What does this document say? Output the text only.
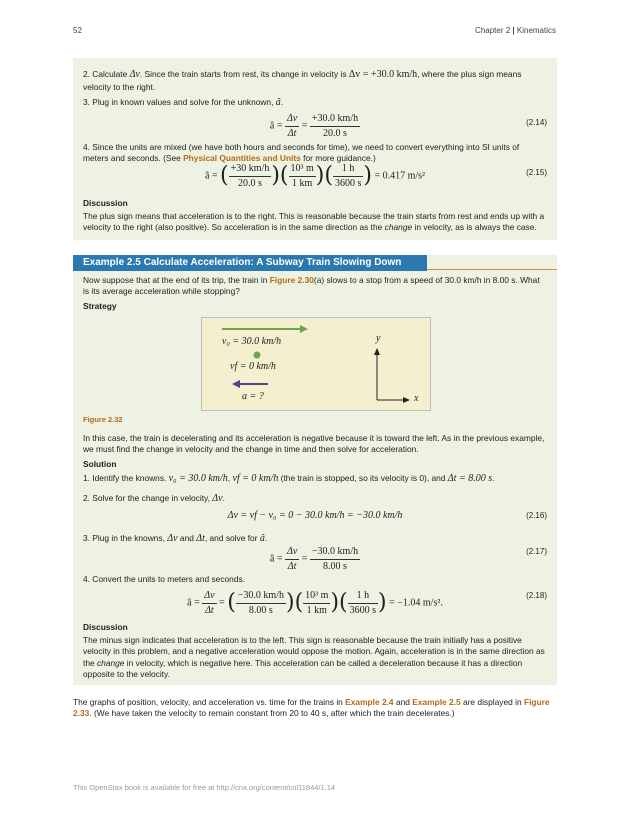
52	Chapter 2 | Kinematics
2. Calculate Δv. Since the train starts from rest, its change in velocity is Δv = +30.0 km/h, where the plus sign means velocity to the right.
3. Plug in known values and solve for the unknown, â.
â = $\frac{\Delta v}{\Delta t} = \frac{+30.0 km/h}{20.0 s}$	(2.14)
4. Since the units are mixed (we have both hours and seconds for time), we need to convert everything into SI units of meters and seconds. (See Physical Quantities and Units for more guidance.)
â = ( $\frac{+30 km/h}{20.0 s}$ )( $\frac{\text{10³ m}}{1 km}$ )( $\frac{1 h}{3600 s}$ ) = 0.417 m/s²	(2.15)
Discussion
The plus sign means that acceleration is to the right. This is reasonable because the train starts from rest and ends up with a velocity to the right (also positive). So acceleration is in the same direction as the change in velocity, as is always the case.
Example 2.5 Calculate Acceleration: A Subway Train Slowing Down
Now suppose that at the end of its trip, the train in Figure 2.30(a) slows to a stop from a speed of 30.0 km/h in 8.00 s. What is its average acceleration while stopping?
Strategy
v₀ = 30.0 km/h
vf = 0 km/h
a = ?
y
x
Figure 2.32
In this case, the train is decelerating and its acceleration is negative because it is toward the left. As in the previous example, we must find the change in velocity and the change in time and then solve for acceleration.
Solution
1. Identify the knowns. v₀ = 30.0 km/h, vf = 0 km/h (the train is stopped, so its velocity is 0), and Δt = 8.00 s.
2. Solve for the change in velocity, Δv.
Δv = vf − v₀ = 0 − 30.0 km/h = −30.0 km/h	(2.16)
3. Plug in the knowns, Δv and Δt, and solve for â.
â = $\frac{\Delta v}{\Delta t} = \frac{-30.0 km/h}{8.00 s}$	(2.17)
4. Convert the units to meters and seconds.
â = $\frac{\Delta v}{\Delta t}$ = ( $\frac{-30.0 km/h}{8.00 s}$ )( $\frac{\text{10³ m}}{1 km}$ )( $\frac{1 h}{3600 s}$ ) = −1.04 m/s².
(2.18)
Discussion
The minus sign indicates that acceleration is to the left. This sign is reasonable because the train initially has a positive velocity in this problem, and a negative acceleration would oppose the motion. Again, acceleration is in the same direction as the change in velocity, which is negative here. This acceleration can be called a deceleration because it has a direction opposite to the velocity.
The graphs of position, velocity, and acceleration vs. time for the trains in Example 2.4 and Example 2.5 are displayed in Figure 2.33. (We have taken the velocity to remain constant from 20 to 40 s, after which the train decelerates.)
This OpenStax book is available for free at http://cnx.org/content/col11844/1.14
